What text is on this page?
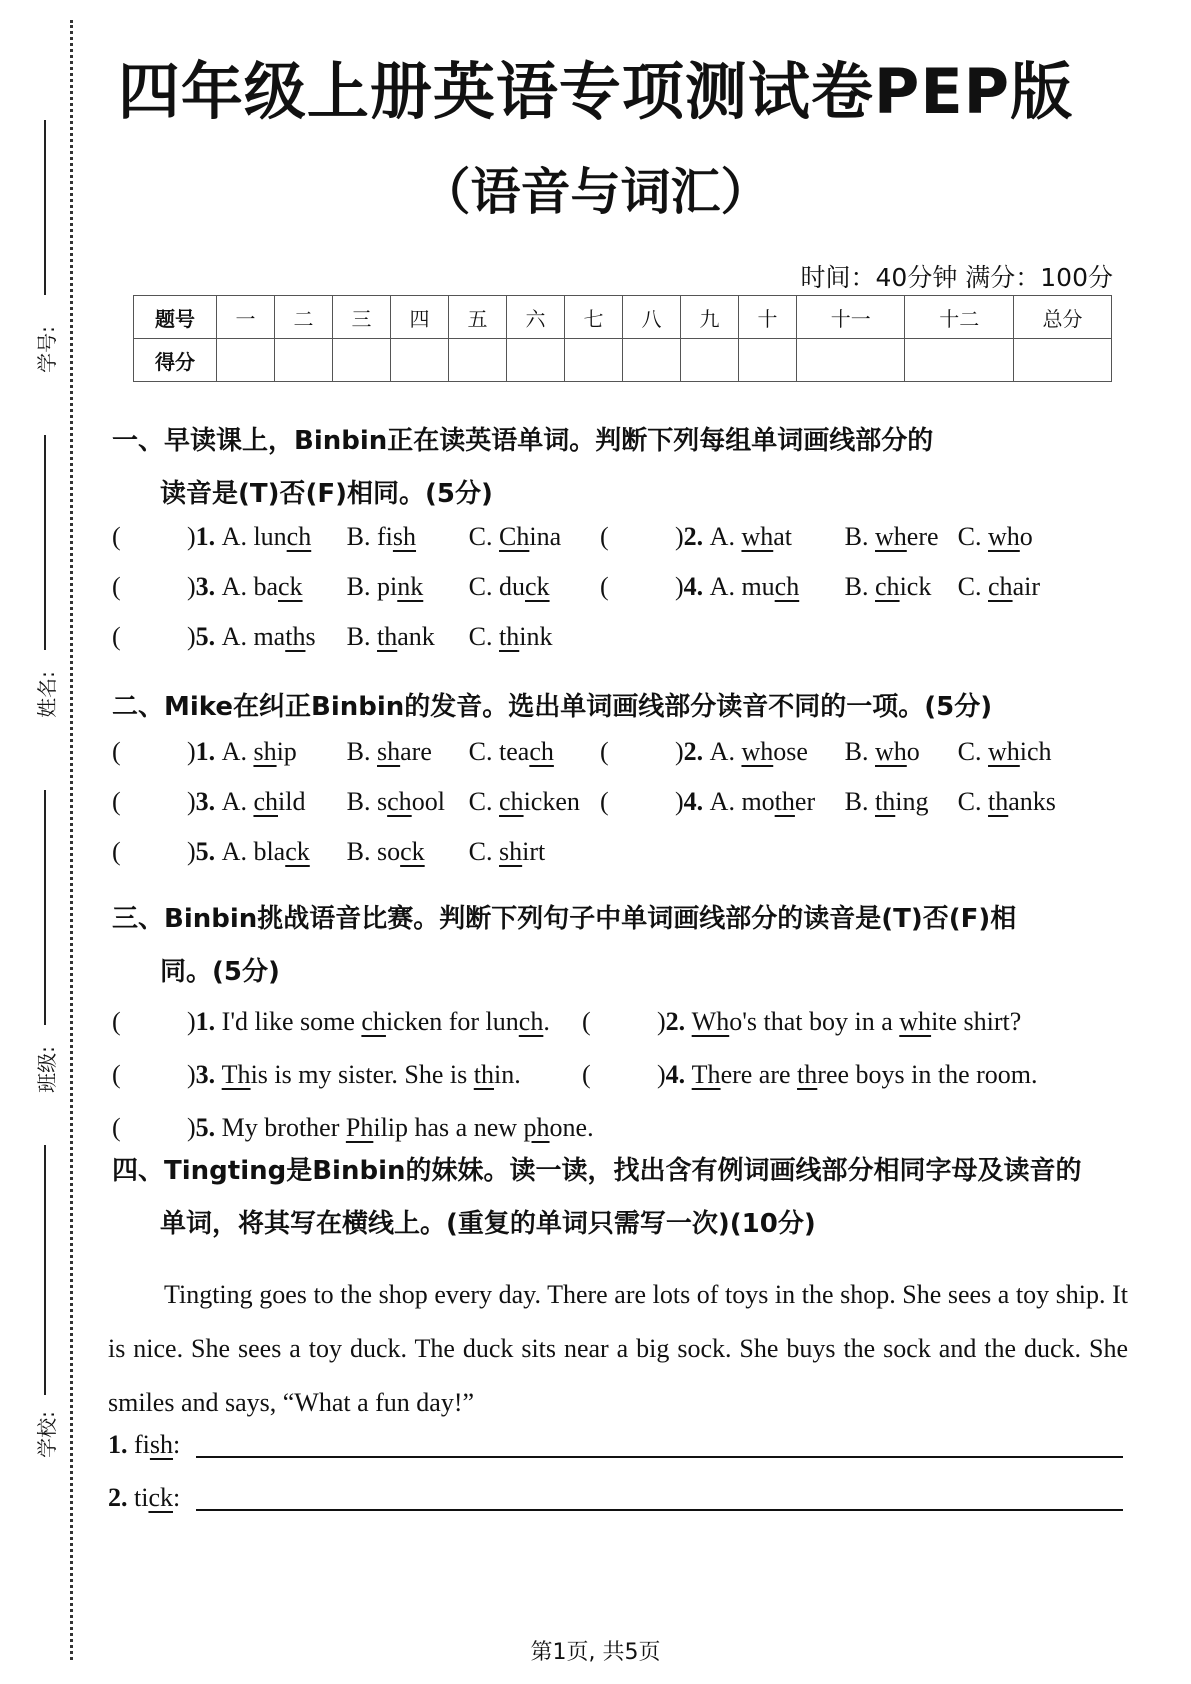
学号:
姓名:
班级:
学校:
四年级上册英语专项测试卷PEP版
（语音与词汇）
时间：40分钟 满分：100分
题号	一	二	三	四	五	六	七	八	九	十	十一	十二	总分
得分													
一、早读课上，Binbin正在读英语单词。判断下列每组单词画线部分的
读音是(T)否(F)相同。(5分)
(	)1. A. lunch B. fish C. China	(	)2. A. what B. where C. who
(	)3. A. back B. pink C. duck	(	)4. A. much B. chick C. chair
(	)5. A. maths B. thank C. think
二、Mike在纠正Binbin的发音。选出单词画线部分读音不同的一项。(5分)
(	)1. A. ship B. share C. teach	(	)2. A. whose B. who C. which
(	)3. A. child B. school C. chicken (	)4. A. mother B. thing C. thanks
(	)5. A. black B. sock C. shirt
三、Binbin挑战语音比赛。判断下列句子中单词画线部分的读音是(T)否(F)相
同。(5分)
(	)1. I'd like some chicken for lunch. (	)2. Who's that boy in a white shirt?
(	)3. This is my sister. She is thin. (	)4. There are three boys in the room.
(	)5. My brother Philip has a new phone.
四、Tingting是Binbin的妹妹。读一读，找出含有例词画线部分相同字母及读音的
单词，将其写在横线上。(重复的单词只需写一次)(10分)
Tingting goes to the shop every day. There are lots of toys in the shop. She sees a toy ship. It is nice. She sees a toy duck. The duck sits near a big sock. She buys the sock and the duck. She smiles and says, “What a fun day!”
1. fish:
2. tick:
第1页, 共5页
